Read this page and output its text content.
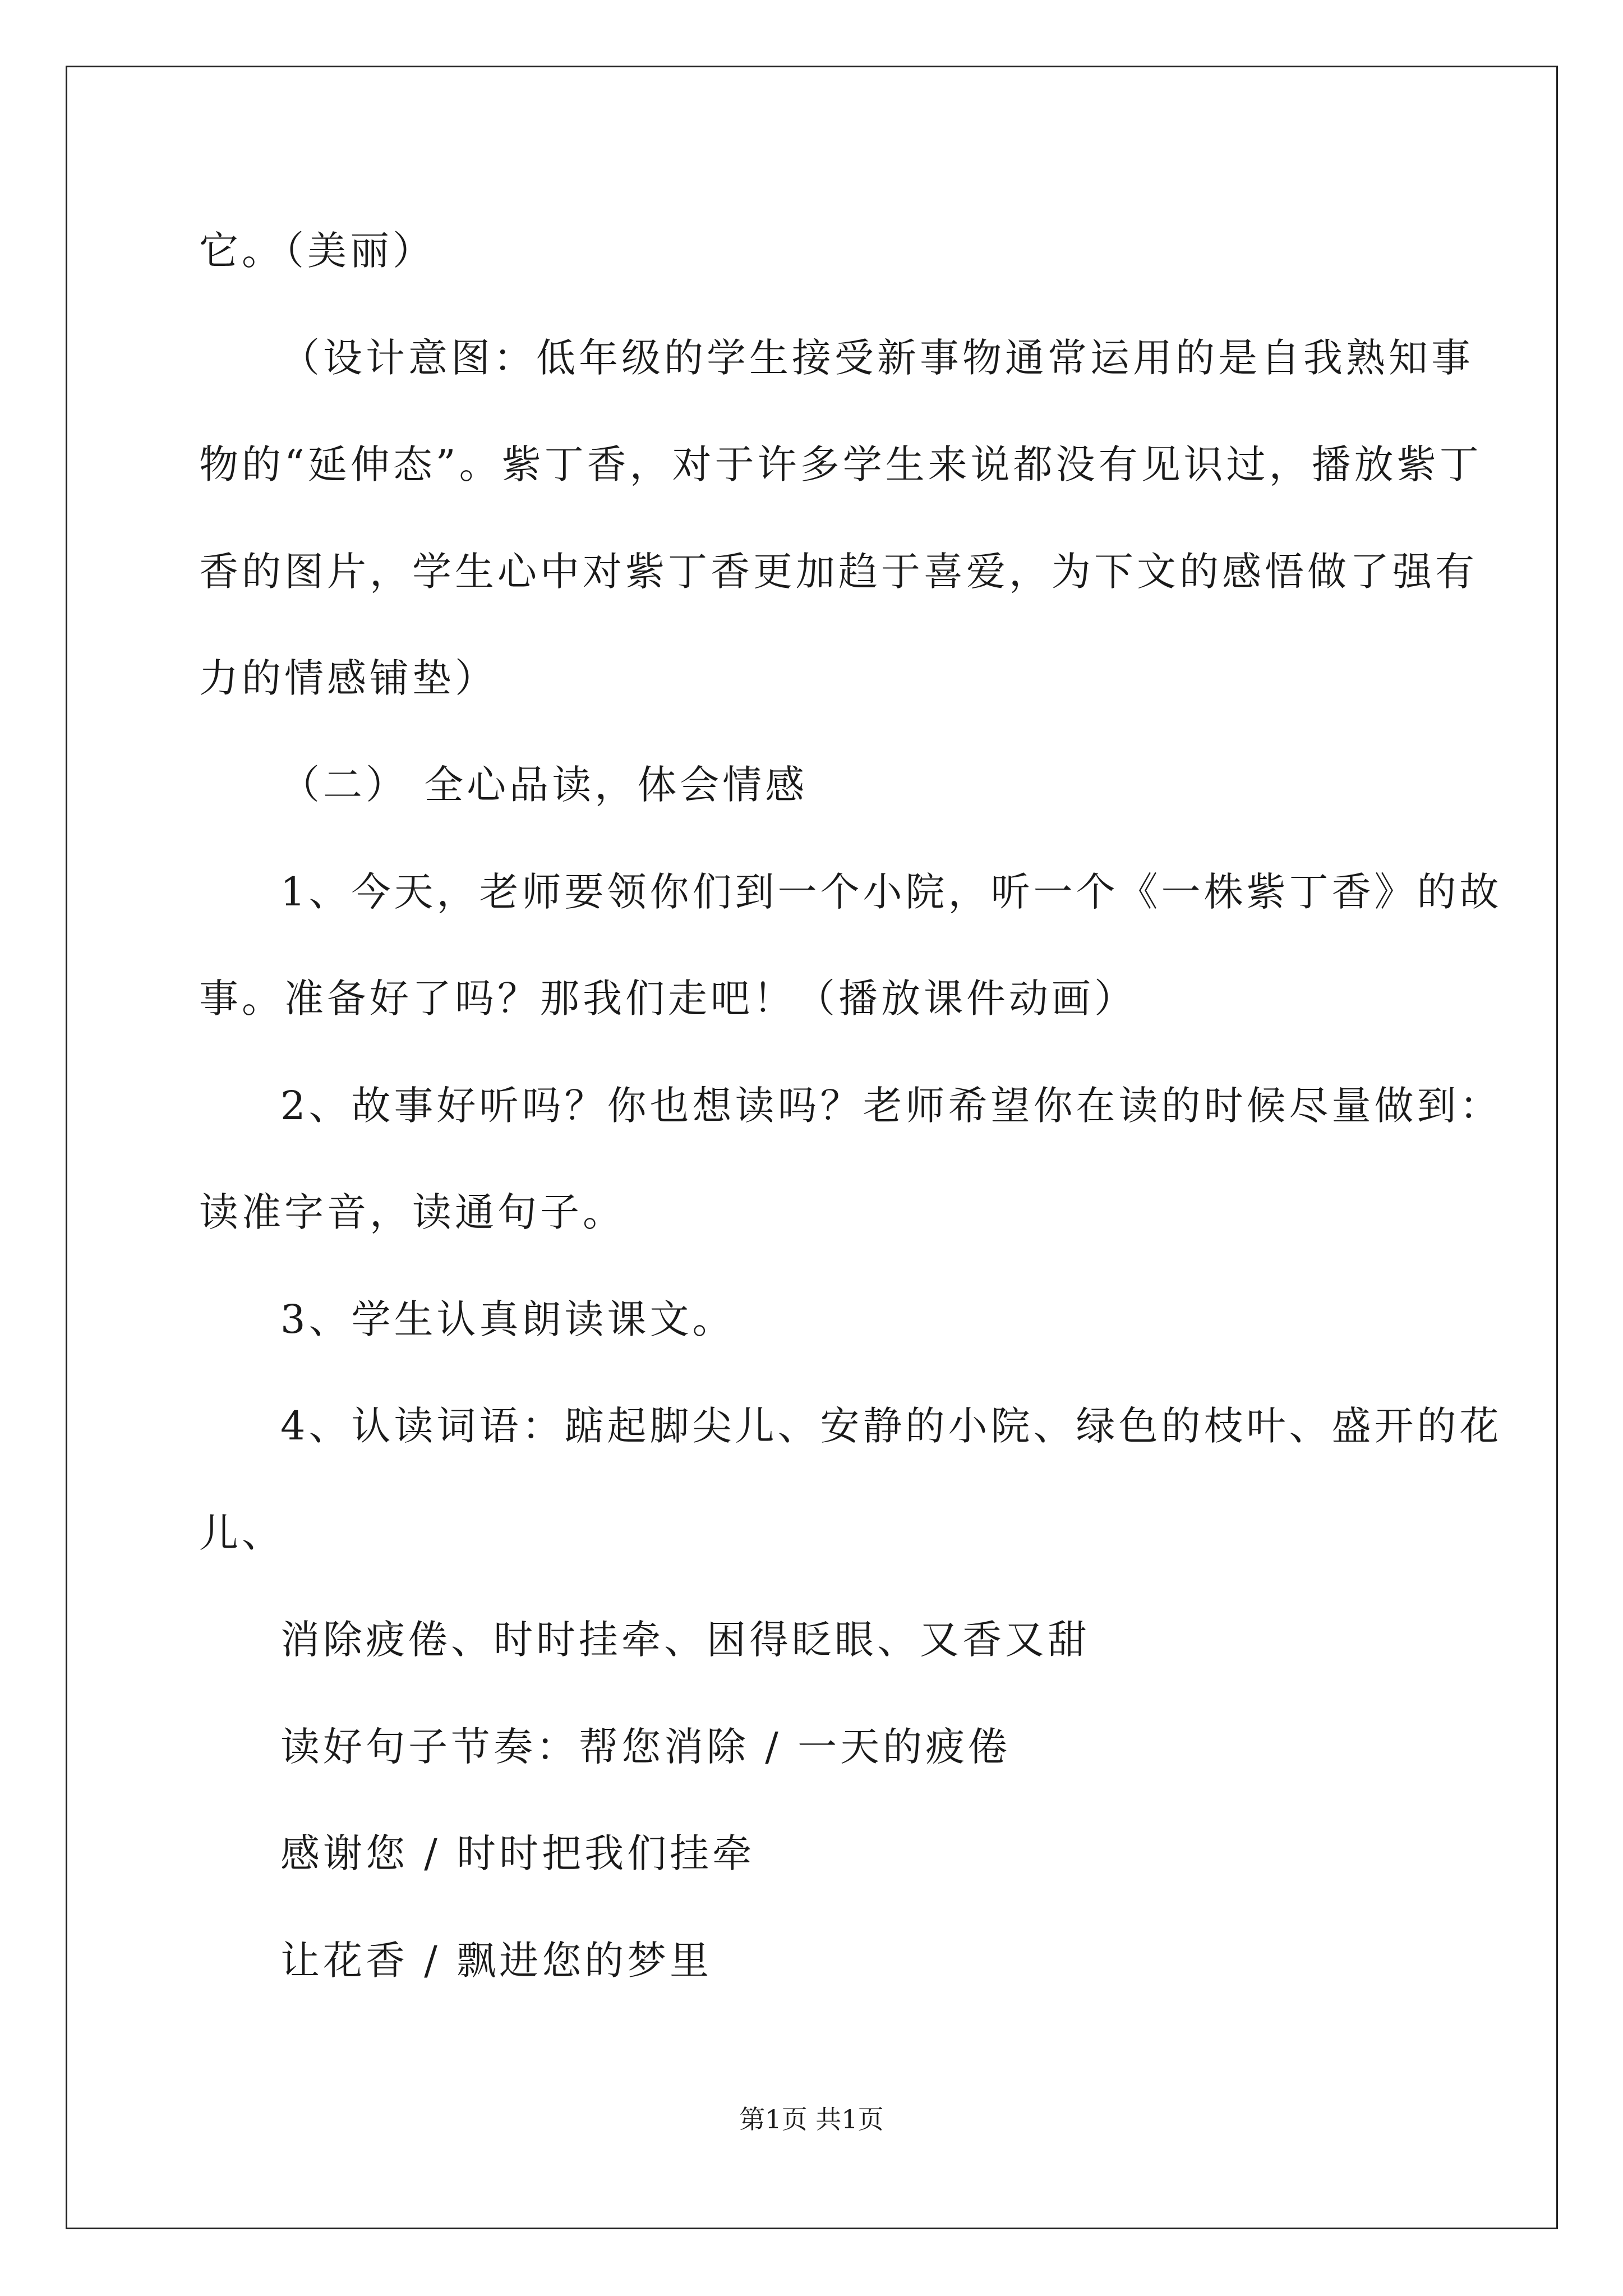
它。（美丽）
（设计意图：低年级的学生接受新事物通常运用的是自我熟知事
物的“延伸态”。紫丁香，对于许多学生来说都没有见识过，播放紫丁
香的图片，学生心中对紫丁香更加趋于喜爱，为下文的感悟做了强有
力的情感铺垫）
（二） 全心品读，体会情感
1、今天，老师要领你们到一个小院，听一个《一株紫丁香》的故
事。准备好了吗？那我们走吧！（播放课件动画）
2、故事好听吗？你也想读吗？老师希望你在读的时候尽量做到：
读准字音，读通句子。
3、学生认真朗读课文。
4、认读词语：踮起脚尖儿、安静的小院、绿色的枝叶、盛开的花
儿、
消除疲倦、时时挂牵、困得眨眼、又香又甜
读好句子节奏：帮您消除 / 一天的疲倦
感谢您 / 时时把我们挂牵
让花香 / 飘进您的梦里
第1页 共1页
